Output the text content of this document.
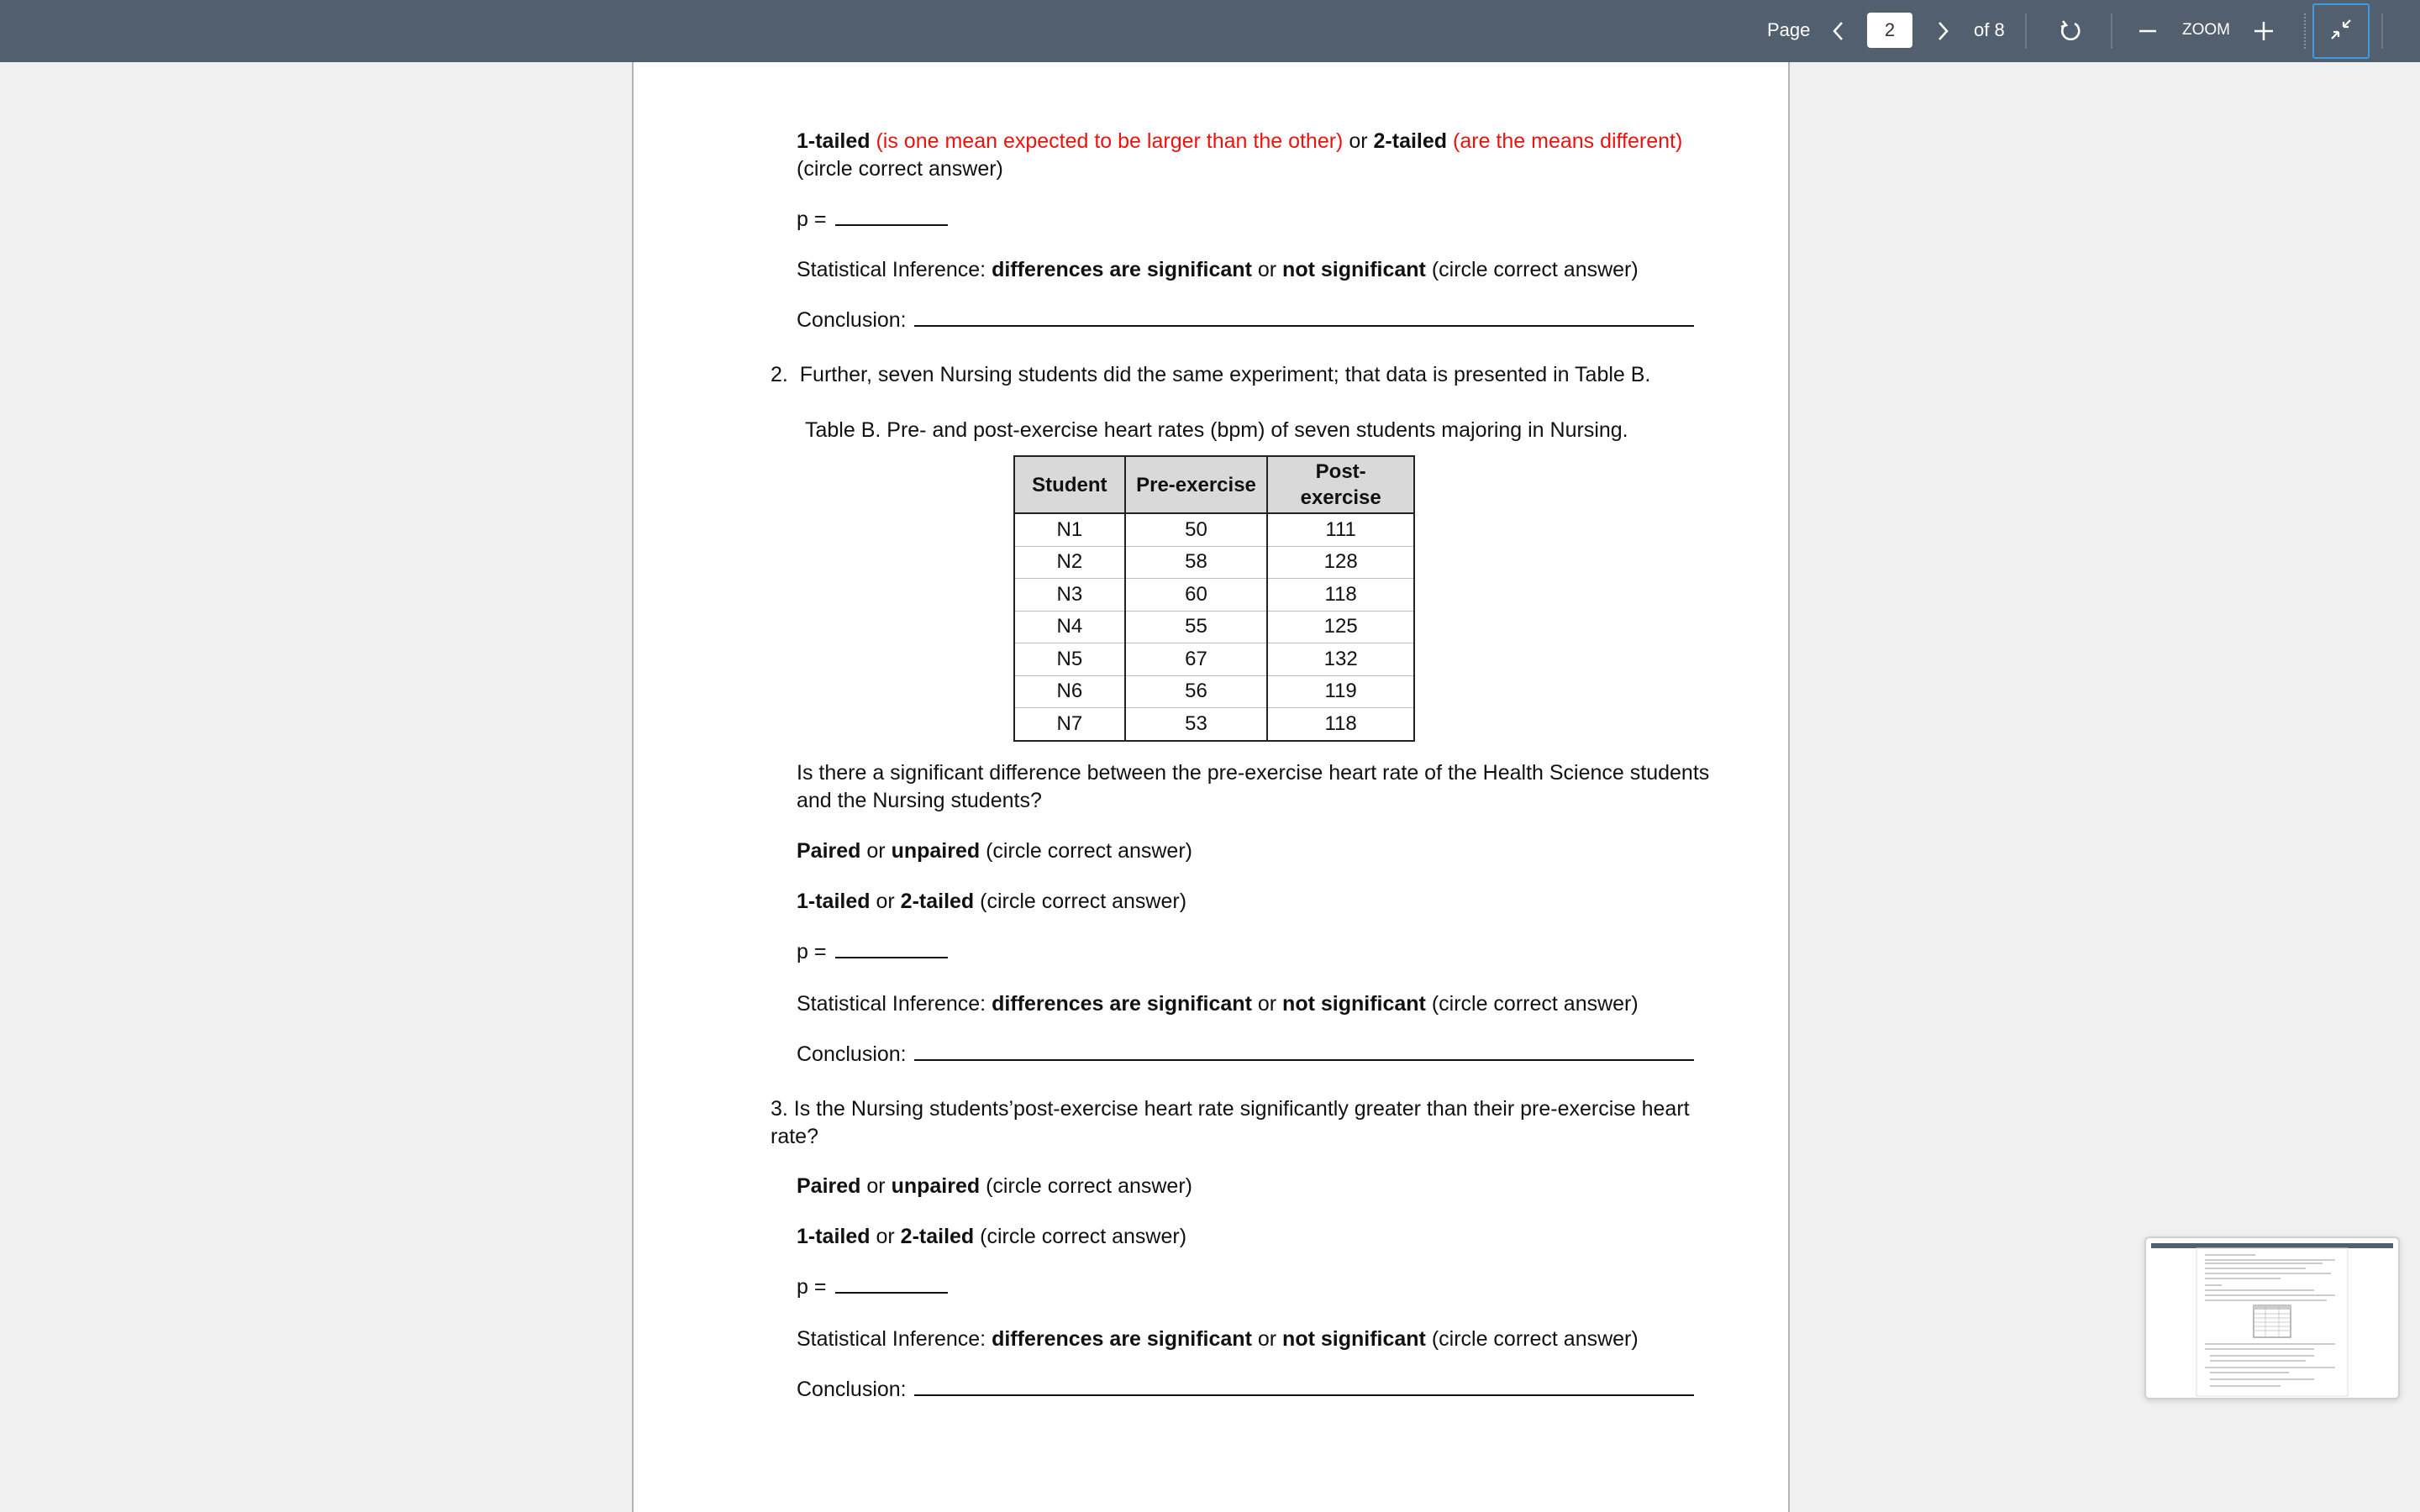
Page
2	of 8	ZOOM
1-tailed (is one mean expected to be larger than the other) or 2-tailed (are the means different)
(circle correct answer)
p =
Statistical Inference: differences are significant or not significant (circle correct answer)
Conclusion:
2. Further, seven Nursing students did the same experiment; that data is presented in Table B.
Table B. Pre- and post-exercise heart rates (bpm) of seven students majoring in Nursing.
Student	Pre-exercise	Post-
exercise
N1	50	111
N2	58	128
N3	60	118
N4	55	125
N5	67	132
N6	56	119
N7	53	118
Is there a significant difference between the pre-exercise heart rate of the Health Science students
and the Nursing students?
Paired or unpaired (circle correct answer)
1-tailed or 2-tailed (circle correct answer)
p =
Statistical Inference: differences are significant or not significant (circle correct answer)
Conclusion:
3. Is the Nursing students’post-exercise heart rate significantly greater than their pre-exercise heart
rate?
Paired or unpaired (circle correct answer)
1-tailed or 2-tailed (circle correct answer)
p =
Statistical Inference: differences are significant or not significant (circle correct answer)
Conclusion:
